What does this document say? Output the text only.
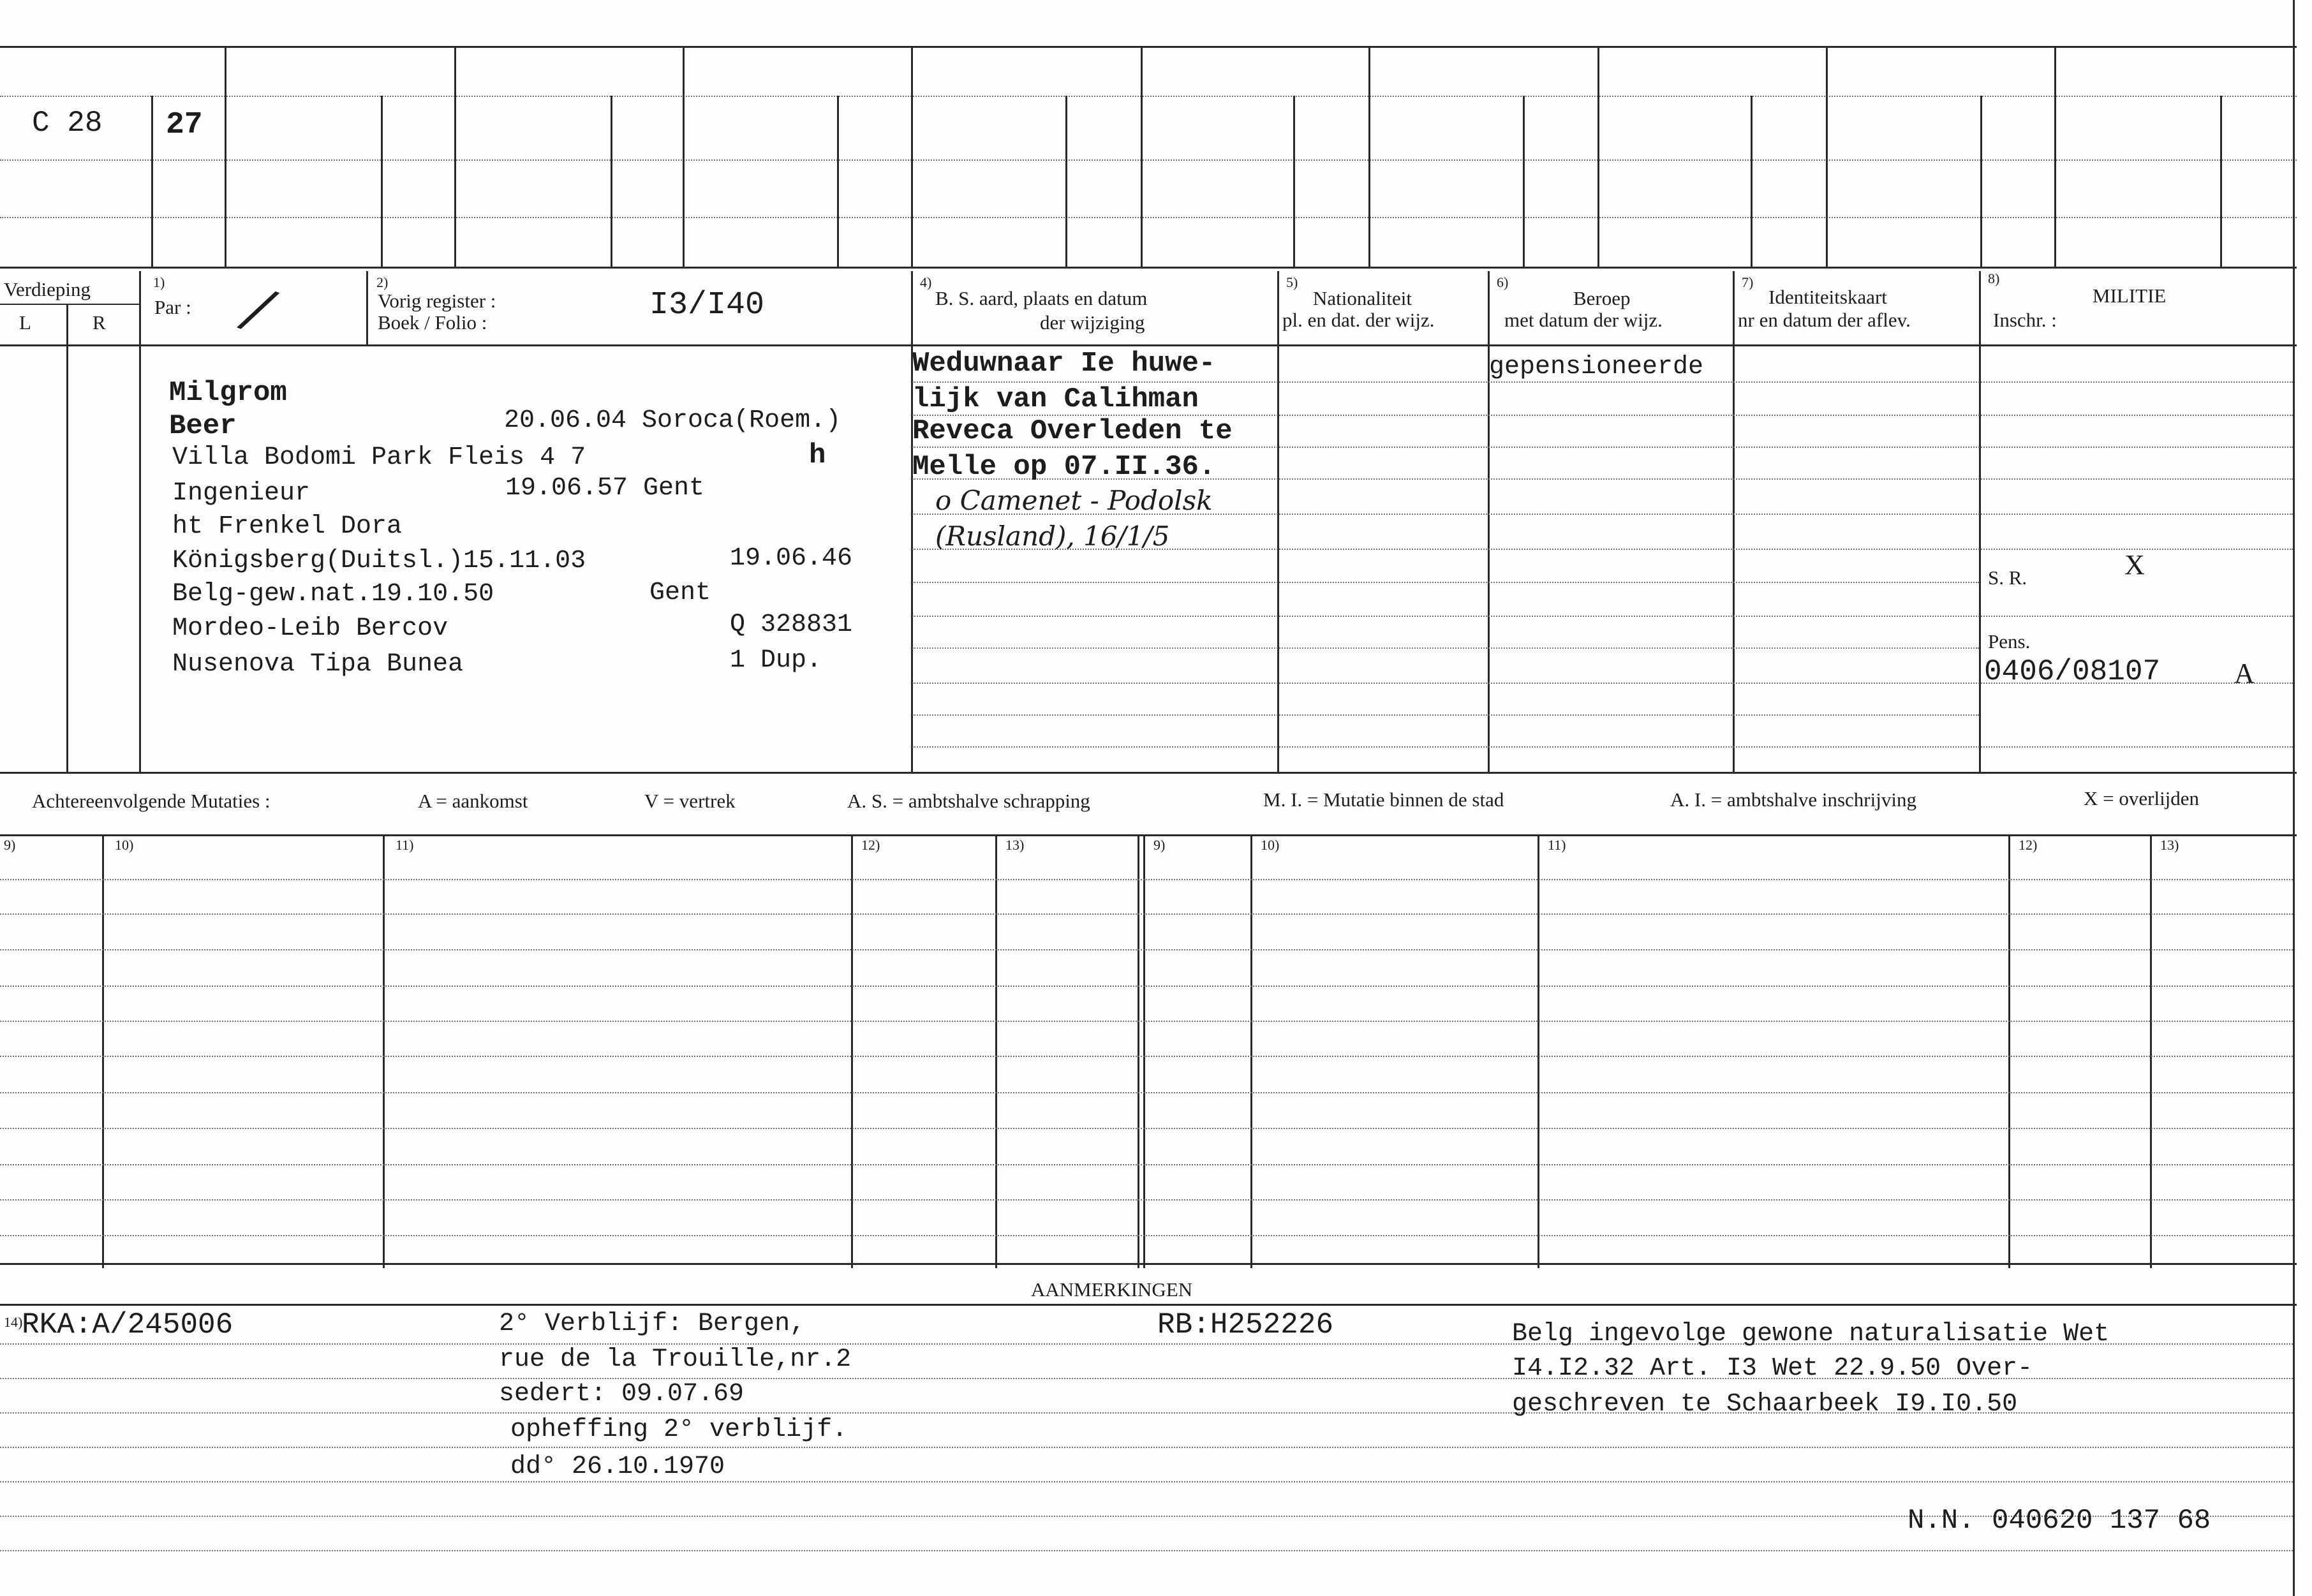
C 28 27
Verdieping
L	R
1)
Par : /	2)
Vorig register :
Boek / Folio :	I3/I40
4)
B. S. aard, plaats en datum
der wijziging
5)
Nationaliteit
pl. en dat. der wijz.
6)
Beroep
met datum der wijz.
7)
Identiteitskaart
nr en datum der aflev.
8)
MILITIE
Inschr. :
Milgrom
Beer	20.06.04 Soroca(Roem.)
Villa Bodomi Park Fleis 4 7	h
Ingenieur	19.06.57 Gent
ht Frenkel Dora
Königsberg(Duitsl.)15.11.03	19.06.46
Belg-gew.nat.19.10.50	Gent
Mordeo-Leib Bercov	Q 328831
Nusenova Tipa Bunea	1 Dup.
Weduwnaar Ie huwe-
lijk van Calihman
Reveca Overleden te
Melle op 07.II.36.
o Camenet - Podolsk
(Rusland), 16/1/5
gepensioneerde
S. R.	X
Pens.
0406/08107	A
Achtereenvolgende Mutaties :	A = aankomst	V = vertrek	A. S. = ambtshalve schrapping	M. I. = Mutatie binnen de stad	A. I. = ambtshalve inschrijving	X = overlijden
9)	10)	11)	12)	13)	9)	10)	11)	12)	13)
AANMERKINGEN
14)
RKA:A/245006	2° Verblijf: Bergen,
rue de la Trouille,nr.2
sedert: 09.07.69
opheffing 2° verblijf.
dd° 26.10.1970
RB:H252226	Belg ingevolge gewone naturalisatie Wet
I4.I2.32 Art. I3 Wet 22.9.50 Over-
geschreven te Schaarbeek I9.I0.50
N.N. 040620 137 68
